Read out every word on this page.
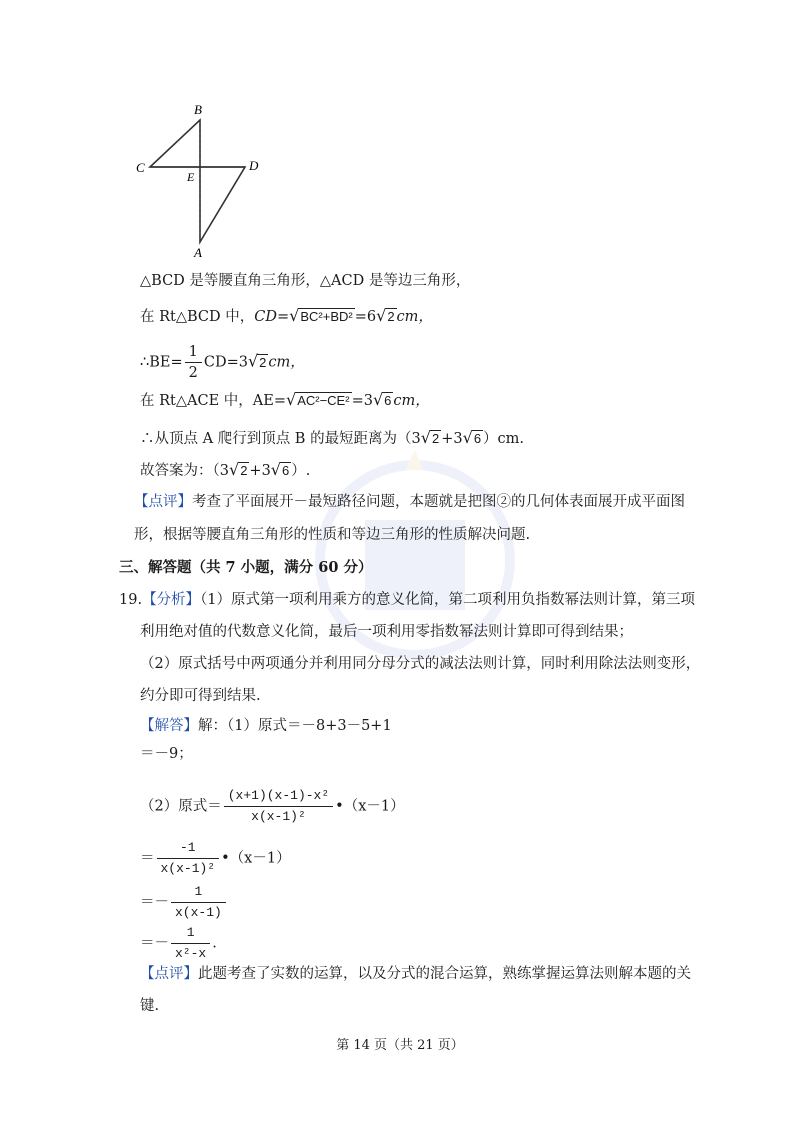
B
C	D
E
A
△BCD 是等腰直角三角形，△ACD 是等边三角形，
在 Rt△BCD 中，CD=√BC²+BD² =6√2 cm，
∴BE= $\frac{1}{2} CD=3√2$ cm，
在 Rt△ACE 中，AE=√AC²−CE² =3√6 cm，
∴从顶点 A 爬行到顶点 B 的最短距离为（3√2 +3√6 ）cm.
故答案为：（3√2 +3√6 ）.
【点评】考查了平面展开－最短路径问题，本题就是把图②的几何体表面展开成平面图
形，根据等腰直角三角形的性质和等边三角形的性质解决问题.
三、解答题（共 7 小题，满分 60 分）
19.【分析】（1）原式第一项利用乘方的意义化简，第二项利用负指数幂法则计算，第三项
利用绝对值的代数意义化简，最后一项利用零指数幂法则计算即可得到结果；
（2）原式括号中两项通分并利用同分母分式的减法法则计算，同时利用除法法则变形，
约分即可得到结果.
【解答】解：（1）原式＝－8+3－5+1
＝－9；
（2）原式＝ $\frac{\text{(x+1)(x-1)-x²}}{\text{x(x-1)²}}$ •（x－1）
＝ $\frac{-1}{\text{x(x-1)²}}$ •（x－1）
＝－ $\frac{1}{x(x-1)}$
＝－ $\frac{1}{\text{x²-x}}$ .
【点评】此题考查了实数的运算，以及分式的混合运算，熟练掌握运算法则解本题的关
键.
第 14 页（共 21 页）
